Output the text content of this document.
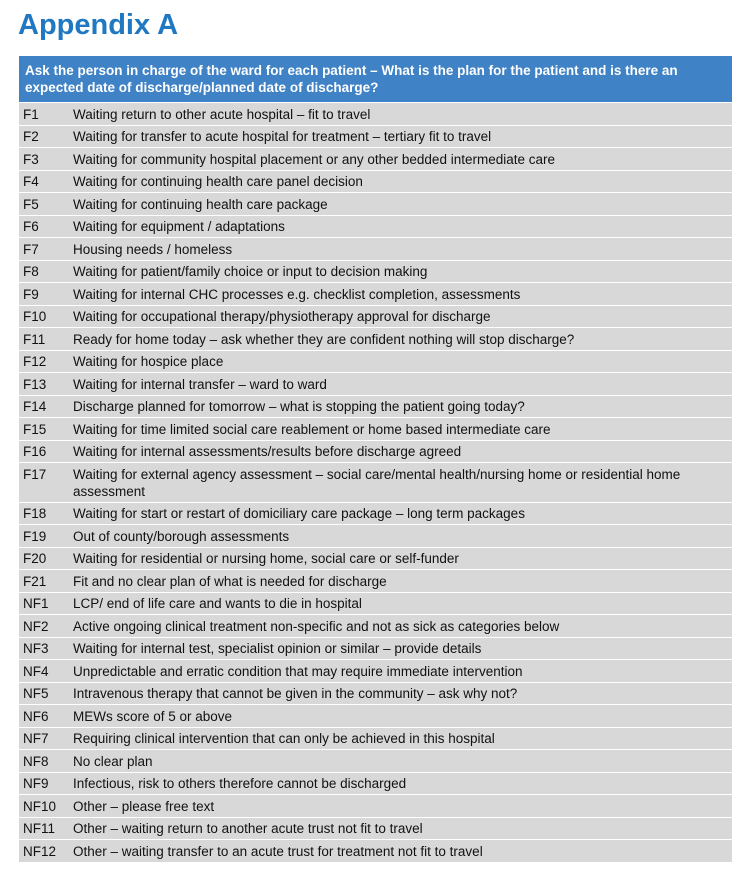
Appendix A
Ask the person in charge of the ward for each patient – What is the plan for the patient and is there an expected date of discharge/planned date of discharge?
F1	Waiting return to other acute hospital – fit to travel
F2	Waiting for transfer to acute hospital for treatment – tertiary fit to travel
F3	Waiting for community hospital placement or any other bedded intermediate care
F4	Waiting for continuing health care panel decision
F5	Waiting for continuing health care package
F6	Waiting for equipment / adaptations
F7	Housing needs / homeless
F8	Waiting for patient/family choice or input to decision making
F9	Waiting for internal CHC processes e.g. checklist completion, assessments
F10	Waiting for occupational therapy/physiotherapy approval for discharge
F11	Ready for home today – ask whether they are confident nothing will stop discharge?
F12	Waiting for hospice place
F13	Waiting for internal transfer – ward to ward
F14	Discharge planned for tomorrow – what is stopping the patient going today?
F15	Waiting for time limited social care reablement or home based intermediate care
F16	Waiting for internal assessments/results before discharge agreed
F17	Waiting for external agency assessment – social care/mental health/nursing home or residential home assessment
F18	Waiting for start or restart of domiciliary care package – long term packages
F19	Out of county/borough assessments
F20	Waiting for residential or nursing home, social care or self-funder
F21	Fit and no clear plan of what is needed for discharge
NF1	LCP/ end of life care and wants to die in hospital
NF2	Active ongoing clinical treatment non-specific and not as sick as categories below
NF3	Waiting for internal test, specialist opinion or similar – provide details
NF4	Unpredictable and erratic condition that may require immediate intervention
NF5	Intravenous therapy that cannot be given in the community – ask why not?
NF6	MEWs score of 5 or above
NF7	Requiring clinical intervention that can only be achieved in this hospital
NF8	No clear plan
NF9	Infectious, risk to others therefore cannot be discharged
NF10	Other – please free text
NF11	Other – waiting return to another acute trust not fit to travel
NF12	Other – waiting transfer to an acute trust for treatment not fit to travel
